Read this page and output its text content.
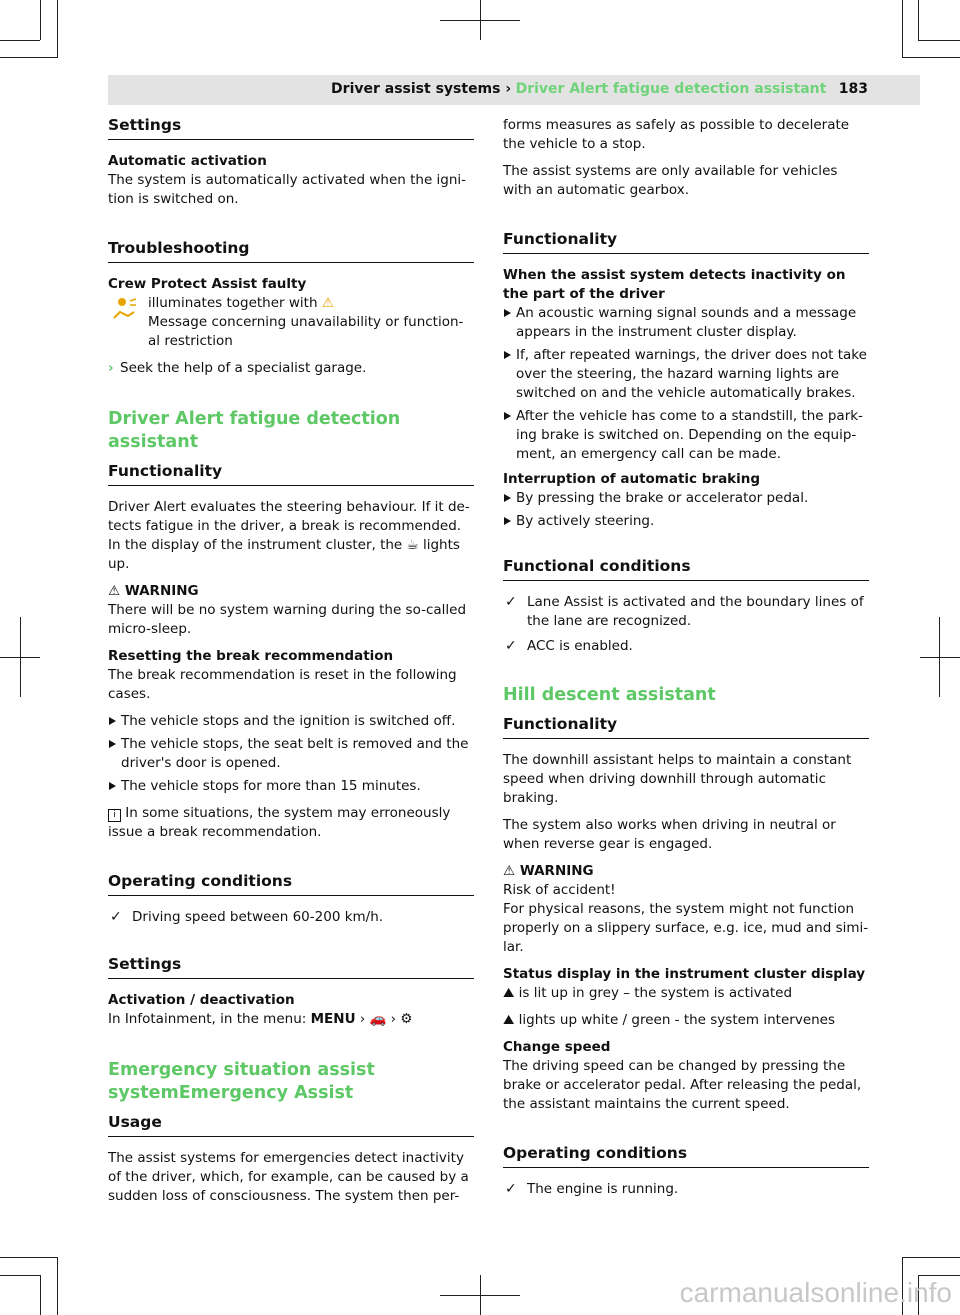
Driver assist systems › Driver Alert fatigue detection assistant 183
Settings
Automatic activation

The system is automatically activated when the igni- tion is switched on.

Troubleshooting
Crew Protect Assist faulty
illuminates together with ⚠
Message concerning unavailability or function- al restriction
› Seek the help of a specialist garage.
Driver Alert fatigue detection assistant
Functionality

Driver Alert evaluates the steering behaviour. If it de- tects fatigue in the driver, a break is recommended. In the display of the instrument cluster, the ☕ lights up.

⚠ WARNING

There will be no system warning during the so-called micro-sleep.

Resetting the break recommendation

The break recommendation is reset in the following cases.

The vehicle stops and the ignition is switched off.
The vehicle stops, the seat belt is removed and the driver's door is opened.
The vehicle stops for more than 15 minutes.

i In some situations, the system may erroneously issue a break recommendation.

Operating conditions
✓ Driving speed between 60-200 km/h.
Settings
Activation / deactivation

In Infotainment, in the menu: MENU › 🚗 › ⚙

Emergency situation assist systemEmergency Assist
Usage

The assist systems for emergencies detect inactivity of the driver, which, for example, can be caused by a sudden loss of consciousness. The system then per-

forms measures as safely as possible to decelerate the vehicle to a stop.

The assist systems are only available for vehicles with an automatic gearbox.

Functionality
When the assist system detects inactivity on the part of the driver
An acoustic warning signal sounds and a message appears in the instrument cluster display.
If, after repeated warnings, the driver does not take over the steering, the hazard warning lights are switched on and the vehicle automatically brakes.
After the vehicle has come to a standstill, the park- ing brake is switched on. Depending on the equip- ment, an emergency call can be made.
Interruption of automatic braking
By pressing the brake or accelerator pedal.
By actively steering.
Functional conditions
✓ Lane Assist is activated and the boundary lines of the lane are recognized.
✓ ACC is enabled.
Hill descent assistant
Functionality

The downhill assistant helps to maintain a constant speed when driving downhill through automatic braking.

The system also works when driving in neutral or when reverse gear is engaged.

⚠ WARNING
Risk of accident!

For physical reasons, the system might not function properly on a slippery surface, e.g. ice, mud and simi- lar.

Status display in the instrument cluster display

⛰ is lit up in grey – the system is activated

⛰ lights up white / green - the system intervenes

Change speed

The driving speed can be changed by pressing the brake or accelerator pedal. After releasing the pedal, the assistant maintains the current speed.

Operating conditions
✓ The engine is running.
carmanualsonline.info
